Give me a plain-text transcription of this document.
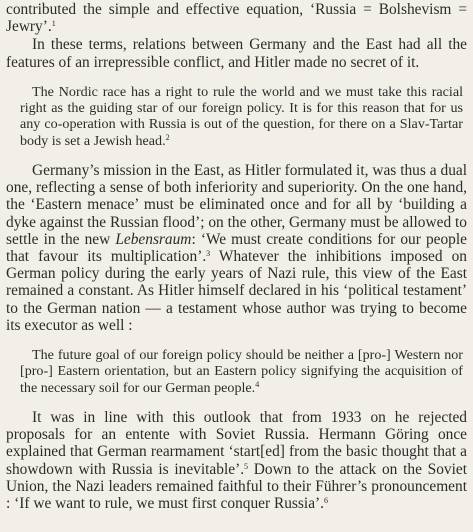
contributed the simple and effective equation, ‘Russia = Bolshevism = Jewry’.$^1$

In these terms, relations between Germany and the East had all the features of an irrepressible conflict, and Hitler made no secret of it.

The Nordic race has a right to rule the world and we must take this racial right as the guiding star of our foreign policy. It is for this reason that for us any co-operation with Russia is out of the question, for there on a Slav-Tartar body is set a Jewish head.$^2$

Germany’s mission in the East, as Hitler formulated it, was thus a dual one, reflecting a sense of both inferiority and superiority. On the one hand, the ‘Eastern menace’ must be eliminated once and for all by ‘building a dyke against the Russian flood’; on the other, Germany must be allowed to settle in the new Lebensraum: ‘We must create conditions for our people that favour its multiplication’.$^3$ Whatever the inhibitions imposed on German policy during the early years of Nazi rule, this view of the East remained a constant. As Hitler himself declared in his ‘political testament’ to the German nation — a testament whose author was trying to become its executor as well :

The future goal of our foreign policy should be neither a [pro-] Western nor [pro-] Eastern orientation, but an Eastern policy signifying the acquisition of the necessary soil for our German people.$^4$

It was in line with this outlook that from 1933 on he rejected proposals for an entente with Soviet Russia. Hermann Göring once explained that German rearmament ‘start[ed] from the basic thought that a showdown with Russia is inevitable’.$^5$ Down to the attack on the Soviet Union, the Nazi leaders remained faithful to their Führer’s pronouncement : ‘If we want to rule, we must first conquer Russia’.$^6$
